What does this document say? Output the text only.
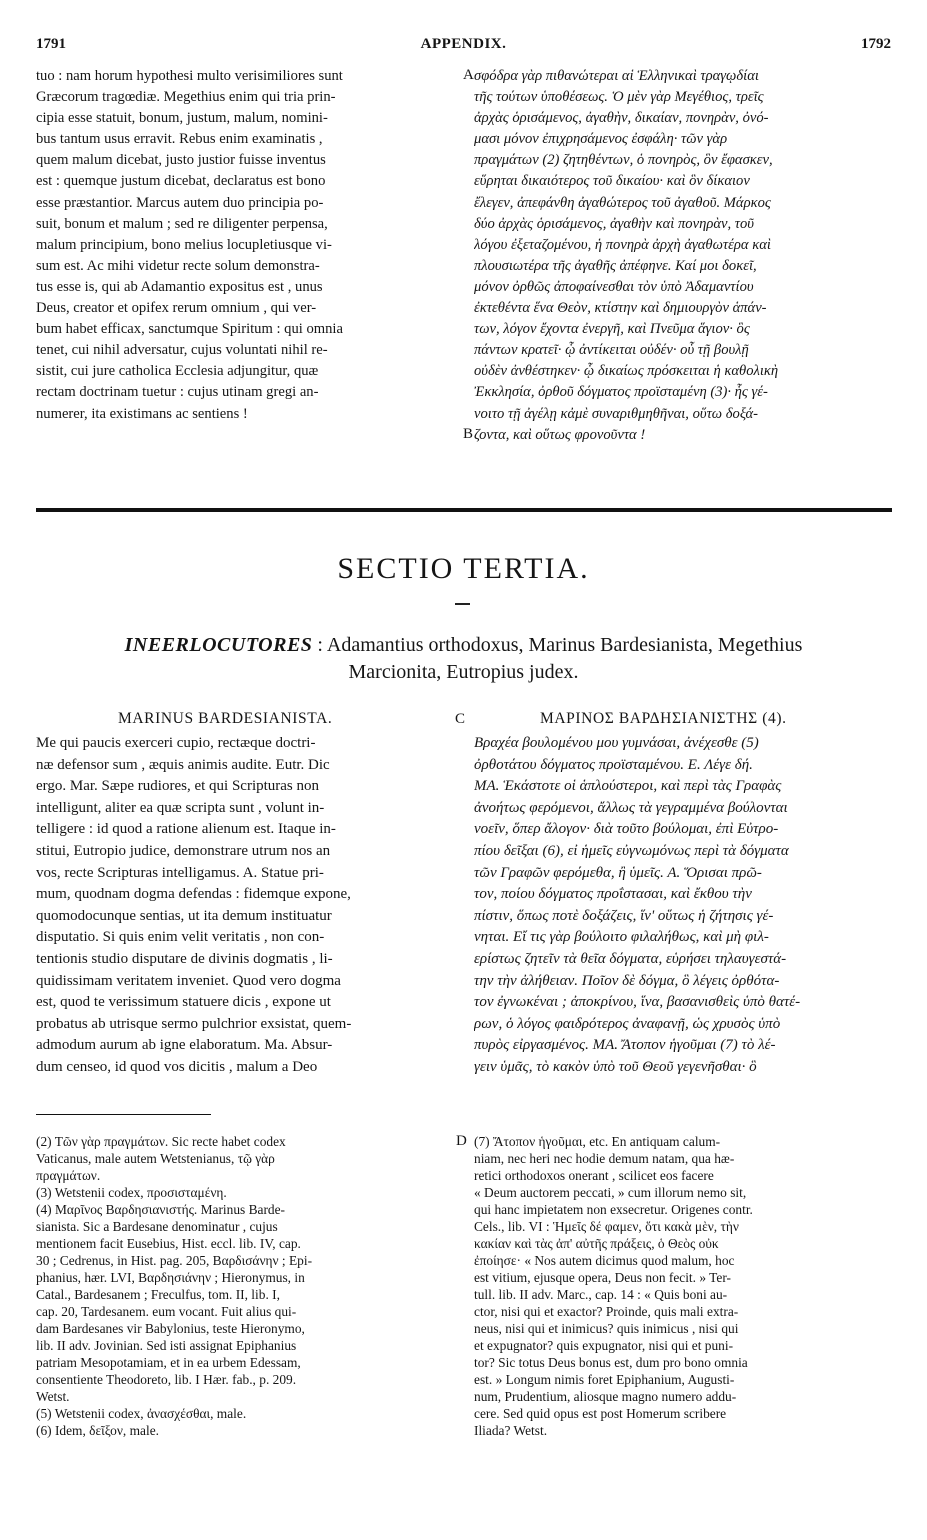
1791	APPENDIX.	1792
tuo : nam horum hypothesi multo verisimiliores sunt
Græcorum tragœdiæ. Megethius enim qui tria prin-
cipia esse statuit, bonum, justum, malum, nomini-
bus tantum usus erravit. Rebus enim examinatis ,
quem malum dicebat, justo justior fuisse inventus
est : quemque justum dicebat, declaratus est bono
esse præstantior. Marcus autem duo principia po-
suit, bonum et malum ; sed re diligenter perpensa,
malum principium, bono melius locupletiusque vi-
sum est. Ac mihi videtur recte solum demonstra-
tus esse is, qui ab Adamantio expositus est , unus
Deus, creator et opifex rerum omnium , qui ver-
bum habet efficax, sanctumque Spiritum : qui omnia
tenet, cui nihil adversatur, cujus voluntati nihil re-
sistit, cui jure catholica Ecclesia adjungitur, quæ
rectam doctrinam tuetur : cujus utinam gregi an-
numerer, ita existimans ac sentiens !
σφόδρα γὰρ πιθανώτεραι αἱ Ἑλληνικαὶ τραγῳδίαι
τῆς τούτων ὑποθέσεως. Ὁ μὲν γὰρ Μεγέθιος, τρεῖς
ἀρχὰς ὁρισάμενος, ἀγαθὴν, δικαίαν, πονηρὰν, ὀνό-
μασι μόνον ἐπιχρησάμενος ἐσφάλη· τῶν γὰρ
πραγμάτων (2) ζητηθέντων, ὁ πονηρὸς, ὃν ἔφασκεν,
εὕρηται δικαιότερος τοῦ δικαίου· καὶ ὃν δίκαιον
ἔλεγεν, ἀπεφάνθη ἀγαθώτερος τοῦ ἀγαθοῦ. Μάρκος
δύο ἀρχὰς ὁρισάμενος, ἀγαθὴν καὶ πονηρὰν, τοῦ
λόγου ἐξεταζομένου, ἡ πονηρὰ ἀρχὴ ἀγαθωτέρα καὶ
πλουσιωτέρα τῆς ἀγαθῆς ἀπέφηνε. Καί μοι δοκεῖ,
μόνον ὀρθῶς ἀποφαίνεσθαι τὸν ὑπὸ Ἀδαμαντίου
ἐκτεθέντα ἕνα Θεὸν, κτίστην καὶ δημιουργὸν ἁπάν-
των, λόγον ἔχοντα ἐνεργῆ, καὶ Πνεῦμα ἅγιον· ὃς
πάντων κρατεῖ· ᾧ ἀντίκειται οὐδέν· οὗ τῇ βουλῇ
οὐδὲν ἀνθέστηκεν· ᾧ δικαίως πρόσκειται ἡ καθολικὴ
Ἐκκλησία, ὀρθοῦ δόγματος προϊσταμένη (3)· ἧς γέ-
νοιτο τῇ ἀγέλῃ κἀμὲ συναριθμηθῆναι, οὕτω δοξά-
ζοντα, καὶ οὕτως φρονοῦντα !
A
B
SECTIO TERTIA.
INEERLOCUTORES : Adamantius orthodoxus, Marinus Bardesianista, Megethius
Marcionita, Eutropius judex.
MARINUS BARDESIANISTA.	C	ΜΑΡΙΝΟΣ ΒΑΡΔΗΣΙΑΝΙΣΤΗΣ (4).
Me qui paucis exerceri cupio, rectæque doctri-
næ defensor sum , æquis animis audite. Eutr. Dic
ergo. Mar. Sæpe rudiores, et qui Scripturas non
intelligunt, aliter ea quæ scripta sunt , volunt in-
telligere : id quod a ratione alienum est. Itaque in-
stitui, Eutropio judice, demonstrare utrum nos an
vos, recte Scripturas intelligamus. A. Statue pri-
mum, quodnam dogma defendas : fidemque expone,
quomodocunque sentias, ut ita demum instituatur
disputatio. Si quis enim velit veritatis , non con-
tentionis studio disputare de divinis dogmatis , li-
quidissimam veritatem inveniet. Quod vero dogma
est, quod te verissimum statuere dicis , expone ut
probatus ab utrisque sermo pulchrior exsistat, quem-
admodum aurum ab igne elaboratum. Ma. Absur-
dum censeo, id quod vos dicitis , malum a Deo
Βραχέα βουλομένου μου γυμνάσαι, ἀνέχεσθε (5)
ὀρθοτάτου δόγματος προϊσταμένου. Ε. Λέγε δή.
ΜΑ. Ἑκάστοτε οἱ ἁπλούστεροι, καὶ περὶ τὰς Γραφὰς
ἀνοήτως φερόμενοι, ἄλλως τὰ γεγραμμένα βούλονται
νοεῖν, ὅπερ ἄλογον· διὰ τοῦτο βούλομαι, ἐπὶ Εὐτρο-
πίου δεῖξαι (6), εἰ ἡμεῖς εὐγνωμόνως περὶ τὰ δόγματα
τῶν Γραφῶν φερόμεθα, ἢ ὑμεῖς. Α. Ὅρισαι πρῶ-
τον, ποίου δόγματος προΐστασαι, καὶ ἔκθου τὴν
πίστιν, ὅπως ποτὲ δοξάζεις, ἵν' οὕτως ἡ ζήτησις γέ-
νηται. Εἴ τις γὰρ βούλοιτο φιλαλήθως, καὶ μὴ φιλ-
ερίστως ζητεῖν τὰ θεῖα δόγματα, εὑρήσει τηλαυγεστά-
την τὴν ἀλήθειαν. Ποῖον δὲ δόγμα, ὃ λέγεις ὀρθότα-
τον ἐγνωκέναι ; ἀποκρίνου, ἵνα, βασανισθεὶς ὑπὸ θατέ-
ρων, ὁ λόγος φαιδρότερος ἀναφανῇ, ὡς χρυσὸς ὑπὸ
πυρὸς εἰργασμένος. ΜΑ. Ἄτοπον ἡγοῦμαι (7) τὸ λέ-
γειν ὑμᾶς, τὸ κακὸν ὑπὸ τοῦ Θεοῦ γεγενῆσθαι· ὃ
(2) Τῶν γὰρ πραγμάτων. Sic recte habet codex
Vaticanus, male autem Wetstenianus, τῷ γὰρ
πραγμάτων.
(3) Wetstenii codex, προσισταμένη.
(4) Μαρῖνος Βαρδησιανιστής. Marinus Barde-
sianista. Sic a Bardesane denominatur , cujus
mentionem facit Eusebius, Hist. eccl. lib. IV, cap.
30 ; Cedrenus, in Hist. pag. 205, Βαρδισάνην ; Epi-
phanius, hær. LVI, Βαρδησιάνην ; Hieronymus, in
Catal., Bardesanem ; Freculfus, tom. II, lib. I,
cap. 20, Tardesanem. eum vocant. Fuit alius qui-
dam Bardesanes vir Babylonius, teste Hieronymo,
lib. II adv. Jovinian. Sed isti assignat Epiphanius
patriam Mesopotamiam, et in ea urbem Edessam,
consentiente Theodoreto, lib. I Hær. fab., p. 209.
Wetst.
(5) Wetstenii codex, ἀνασχέσθαι, male.
(6) Idem, δεῖξον, male.
D (7) Ἄτοπον ἡγοῦμαι, etc. En antiquam calum-
niam, nec heri nec hodie demum natam, qua hæ-
retici orthodoxos onerant , scilicet eos facere
« Deum auctorem peccati, » cum illorum nemo sit,
qui hanc impietatem non exsecretur. Origenes contr.
Cels., lib. VI : Ἡμεῖς δέ φαμεν, ὅτι κακὰ μὲν, τὴν
κακίαν καὶ τὰς ἀπ' αὐτῆς πράξεις, ὁ Θεὸς οὐκ
ἐποίησε· « Nos autem dicimus quod malum, hoc
est vitium, ejusque opera, Deus non fecit. » Ter-
tull. lib. II adv. Marc., cap. 14 : « Quis boni au-
ctor, nisi qui et exactor? Proinde, quis mali extra-
neus, nisi qui et inimicus? quis inimicus , nisi qui
et expugnator? quis expugnator, nisi qui et puni-
tor? Sic totus Deus bonus est, dum pro bono omnia
est. » Longum nimis foret Epiphanium, Augusti-
num, Prudentium, aliosque magno numero addu-
cere. Sed quid opus est post Homerum scribere
Iliada? Wetst.
